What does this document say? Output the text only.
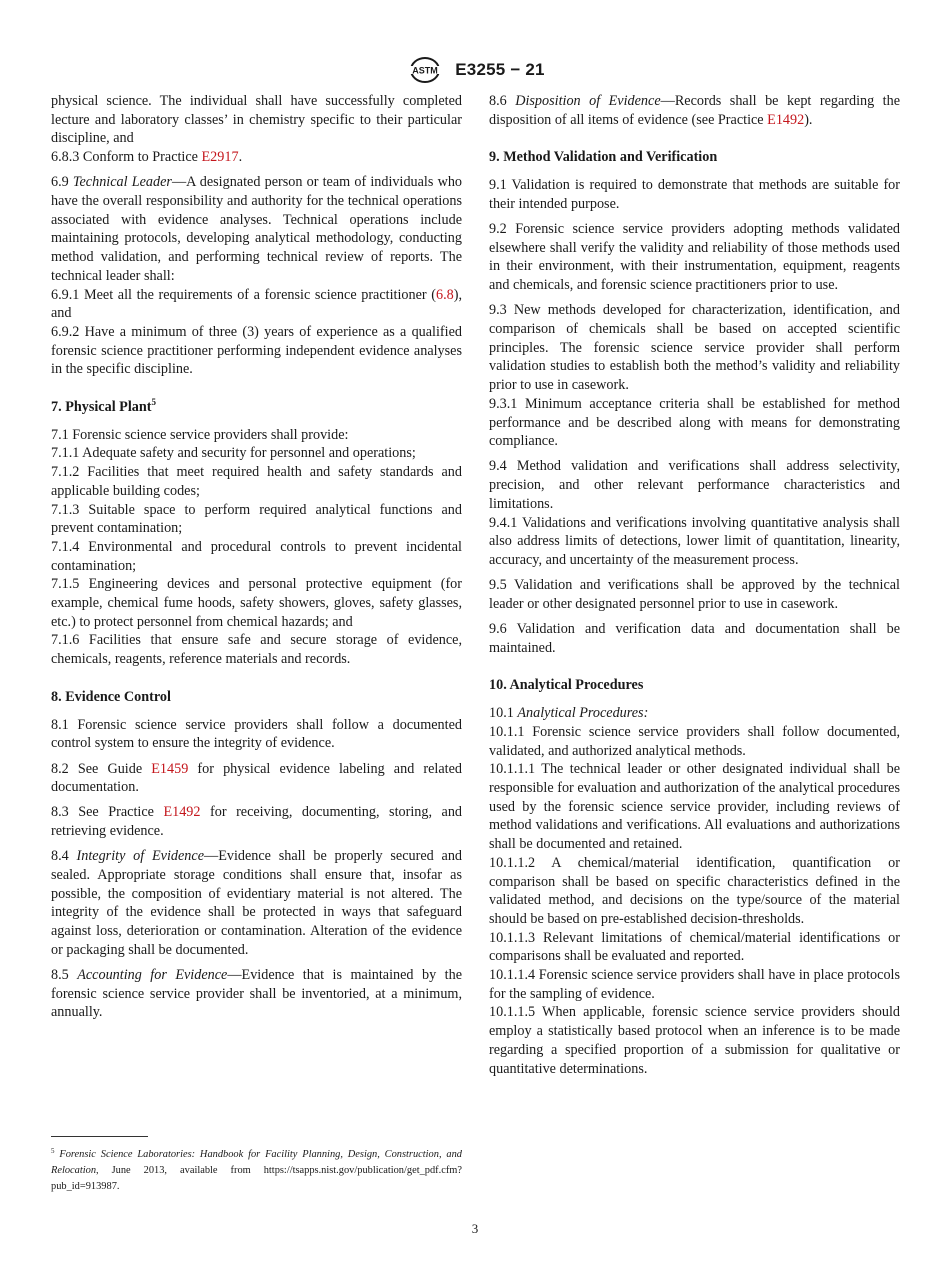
ASTM E3255 − 21

physical science. The individual shall have successfully completed lecture and laboratory classes’ in chemistry specific to their particular discipline, and

6.8.3 Conform to Practice E2917.

6.9 Technical Leader—A designated person or team of individuals who have the overall responsibility and authority for the technical operations associated with evidence analyses. Technical operations include maintaining protocols, developing analytical methodology, conducting method validation, and performing technical review of reports. The technical leader shall:

6.9.1 Meet all the requirements of a forensic science practitioner (6.8), and

6.9.2 Have a minimum of three (3) years of experience as a qualified forensic science practitioner performing independent evidence analyses in the specific discipline.

7. Physical Plant$^5$

7.1 Forensic science service providers shall provide:

7.1.1 Adequate safety and security for personnel and operations;

7.1.2 Facilities that meet required health and safety standards and applicable building codes;

7.1.3 Suitable space to perform required analytical functions and prevent contamination;

7.1.4 Environmental and procedural controls to prevent incidental contamination;

7.1.5 Engineering devices and personal protective equipment (for example, chemical fume hoods, safety showers, gloves, safety glasses, etc.) to protect personnel from chemical hazards; and

7.1.6 Facilities that ensure safe and secure storage of evidence, chemicals, reagents, reference materials and records.

8. Evidence Control

8.1 Forensic science service providers shall follow a documented control system to ensure the integrity of evidence.

8.2 See Guide E1459 for physical evidence labeling and related documentation.

8.3 See Practice E1492 for receiving, documenting, storing, and retrieving evidence.

8.4 Integrity of Evidence—Evidence shall be properly secured and sealed. Appropriate storage conditions shall ensure that, insofar as possible, the composition of evidentiary material is not altered. The integrity of the evidence shall be protected in ways that safeguard against loss, deterioration or contamination. Alteration of the evidence or packaging shall be documented.

8.5 Accounting for Evidence—Evidence that is maintained by the forensic science service provider shall be inventoried, at a minimum, annually.

8.6 Disposition of Evidence—Records shall be kept regarding the disposition of all items of evidence (see Practice E1492).

9. Method Validation and Verification

9.1 Validation is required to demonstrate that methods are suitable for their intended purpose.

9.2 Forensic science service providers adopting methods validated elsewhere shall verify the validity and reliability of those methods used in their environment, with their instrumentation, equipment, reagents and chemicals, and forensic science practitioners prior to use.

9.3 New methods developed for characterization, identification, and comparison of chemicals shall be based on accepted scientific principles. The forensic science service provider shall perform validation studies to establish both the method’s validity and reliability prior to use in casework.

9.3.1 Minimum acceptance criteria shall be established for method performance and be described along with means for demonstrating compliance.

9.4 Method validation and verifications shall address selectivity, precision, and other relevant performance characteristics and limitations.

9.4.1 Validations and verifications involving quantitative analysis shall also address limits of detections, lower limit of quantitation, linearity, accuracy, and uncertainty of the measurement process.

9.5 Validation and verifications shall be approved by the technical leader or other designated personnel prior to use in casework.

9.6 Validation and verification data and documentation shall be maintained.

10. Analytical Procedures

10.1 Analytical Procedures:

10.1.1 Forensic science service providers shall follow documented, validated, and authorized analytical methods.

10.1.1.1 The technical leader or other designated individual shall be responsible for evaluation and authorization of the analytical procedures used by the forensic science service provider, including reviews of method validations and verifications. All evaluations and authorizations shall be documented and retained.

10.1.1.2 A chemical/material identification, quantification or comparison shall be based on specific characteristics defined in the validated method, and decisions on the type/source of the material should be based on pre-established decision-thresholds.

10.1.1.3 Relevant limitations of chemical/material identifications or comparisons shall be evaluated and reported.

10.1.1.4 Forensic science service providers shall have in place protocols for the sampling of evidence.

10.1.1.5 When applicable, forensic science service providers should employ a statistically based protocol when an inference is to be made regarding a specified proportion of a submission for qualitative or quantitative determinations.

$^5$ Forensic Science Laboratories: Handbook for Facility Planning, Design, Construction, and Relocation, June 2013, available from https://tsapps.nist.gov/publication/get_pdf.cfm?pub_id=913987.

3
